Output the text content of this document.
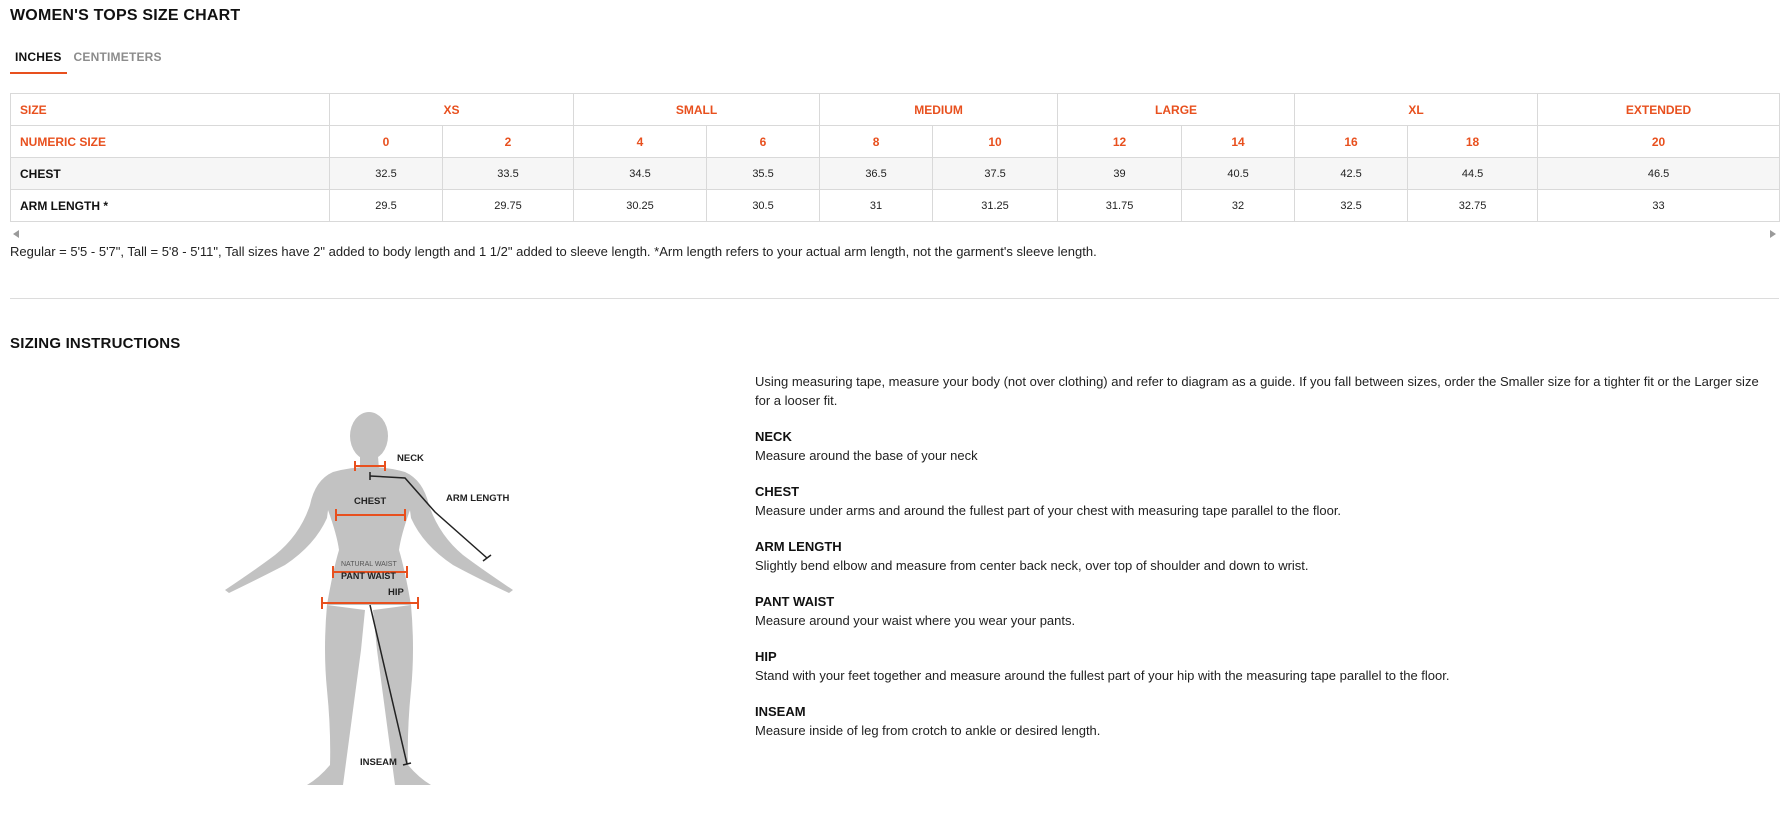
WOMEN'S TOPS SIZE CHART
INCHES	CENTIMETERS
SIZE	XS		SMALL		MEDIUM		LARGE		XL		EXTENDED
NUMERIC SIZE	0	2	4	6	8	10	12	14	16	18	20
CHEST	32.5	33.5	34.5	35.5	36.5	37.5	39	40.5	42.5	44.5	46.5
ARM LENGTH *	29.5	29.75	30.25	30.5	31	31.25	31.75	32	32.5	32.75	33
Regular = 5'5 - 5'7", Tall = 5'8 - 5'11", Tall sizes have 2" added to body length and 1 1/2" added to sleeve length. *Arm length refers to your actual arm length, not the garment's sleeve length.
SIZING INSTRUCTIONS
NECK
ARM LENGTH
CHEST
NATURAL WAIST
PANT WAIST
HIP
INSEAM

Using measuring tape, measure your body (not over clothing) and refer to diagram as a guide. If you fall between sizes, order the Smaller size for a tighter fit or the Larger size for a looser fit.

NECK
Measure around the base of your neck
CHEST
Measure under arms and around the fullest part of your chest with measuring tape parallel to the floor.
ARM LENGTH
Slightly bend elbow and measure from center back neck, over top of shoulder and down to wrist.
PANT WAIST
Measure around your waist where you wear your pants.
HIP
Stand with your feet together and measure around the fullest part of your hip with the measuring tape parallel to the floor.
INSEAM
Measure inside of leg from crotch to ankle or desired length.
